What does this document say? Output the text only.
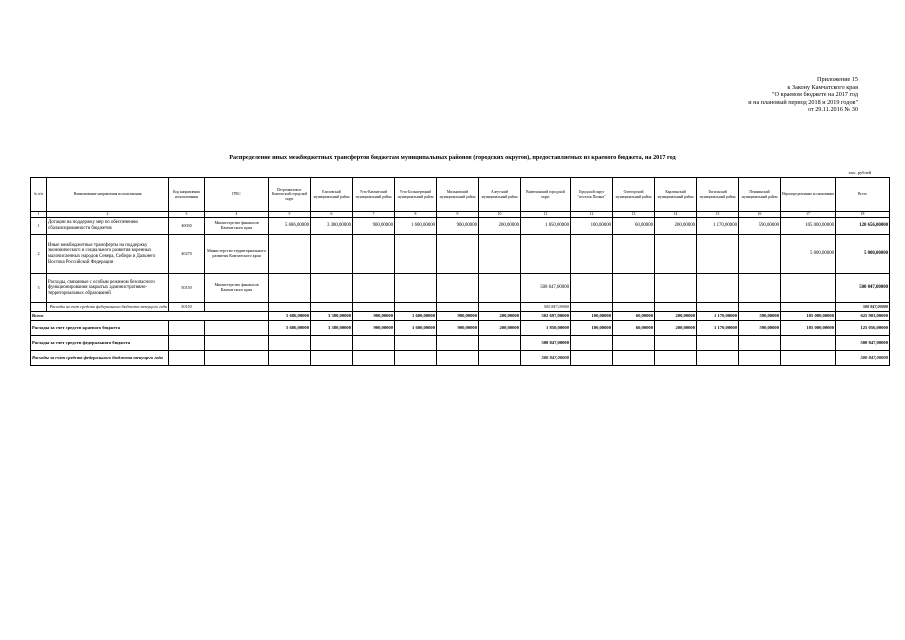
Приложение 15
к Закону Камчатского края
"О краевом бюджете на 2017 год
и на плановый период 2018 и 2019 годов"
от 29.11.2016 № 30
Распределение иных межбюджетных трансфертов бюджетам муниципальных районов (городских округов), предоставляемых из краевого бюджета, на 2017 год
тыс. рублей
№ п/п	Наименование направления использования	Код направления использования	ГРБС	Петропавловск-Камчатский городской округ	Елизовский муниципальный район	Усть-Камчатский муниципальный район	Усть-Большерецкий муниципальный район	Мильковский муниципальный район	Алеутский муниципальный район	Вилючинский городской округ	Городской округ "поселок Палана"	Олюторский муниципальный район	Карагинский муниципальный район	Тигильский муниципальный район	Пенжинский муниципальный район	Нераспределенные ассигнования	Всего
1	2	3	4	5	6	7	8	9	10	11	12	13	14	15	16	17	18
1	Дотации на поддержку мер по обеспечению сбалансированности бюджетов	40030	Министерство финансов Камчатского края	5 686,00000	3 380,00000	900,00000	1 600,00000	900,00000	200,00000	1 850,00000	100,00000	60,00000	200,00000	1 170,00000	590,00000	105 000,00000	120 656,00000
2	Иные межбюджетные трансферты на поддержку экономического и социального развития коренных малочисленных народов Севера, Сибири и Дальнего Востока Российской Федерации	40270	Министерство территориального развития Камчатского края													5 000,00000	5 000,00000
3	Расходы, связанные с особым режимом безопасного функционирования закрытых административно-территориальных образований	50150	Министерство финансов Камчатского края							500 847,00000							500 847,00000
	Расходы за счет средств федерального бюджета текущего года	50150								500 847,00000							500 847,00000
Всего				5 686,00000	3 380,00000	900,00000	1 600,00000	900,00000	200,00000	502 697,00000	100,00000	60,00000	200,00000	1 170,00000	590,00000	105 000,00000	625 903,00000
Расходы за счет средств краевого бюджета				5 686,00000	3 380,00000	900,00000	1 600,00000	900,00000	200,00000	1 850,00000	100,00000	60,00000	200,00000	1 170,00000	590,00000	105 000,00000	125 056,00000
Расходы за счет средств федерального бюджета										500 847,00000							500 847,00000
Расходы за счет средств федерального бюджета текущего года										500 847,00000							500 847,00000
